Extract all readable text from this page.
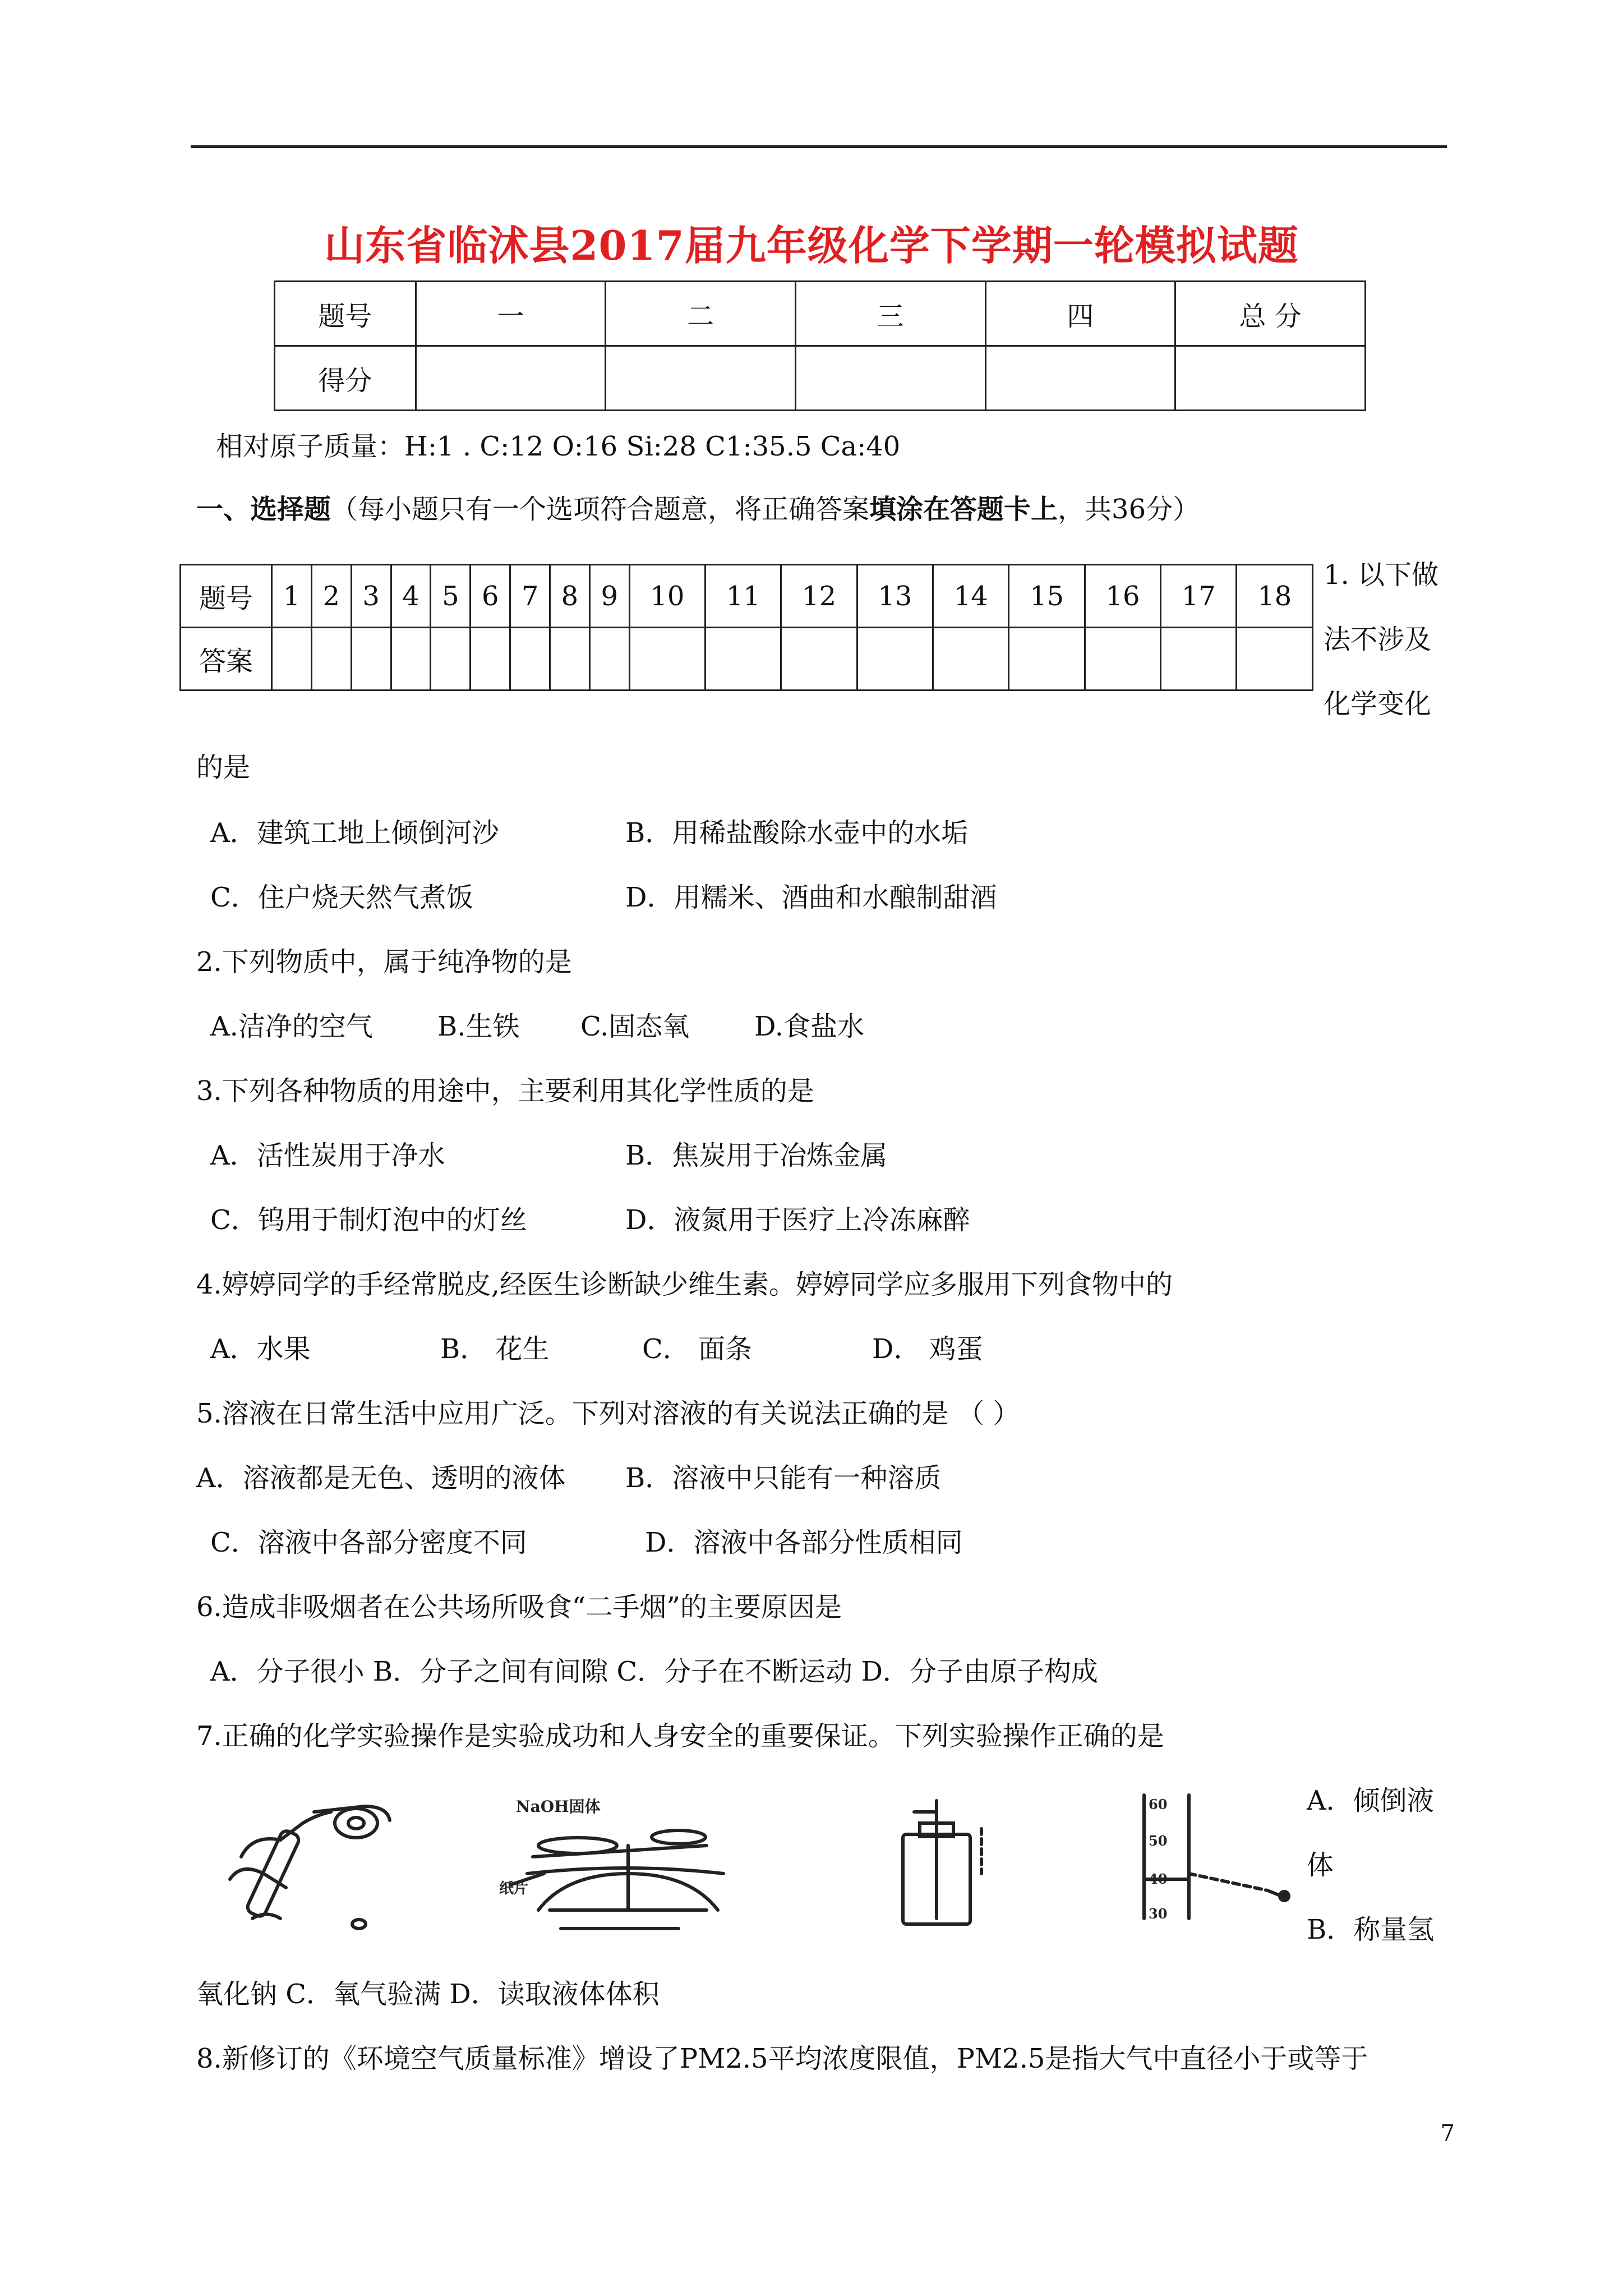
山东省临沭县2017届九年级化学下学期一轮模拟试题
题号	一	二	三	四	总 分
得分					
相对原子质量：H:1 . C:12 O:16 Si:28 C1:35.5 Ca:40
一、选择题（每小题只有一个选项符合题意，将正确答案填涂在答题卡上，共36分）
题号	1	2	3	4	5	6	7	8	9	10	11	12	13	14	15	16	17	18
答案																		
1. 以下做
法不涉及
化学变化
的是
A．建筑工地上倾倒河沙	B．用稀盐酸除水壶中的水垢
C．住户烧天然气煮饭	D．用糯米、酒曲和水酿制甜酒
2.下列物质中，属于纯净物的是
A.洁净的空气 B.生铁 C.固态氧 D.食盐水
3.下列各种物质的用途中，主要利用其化学性质的是
A．活性炭用于净水	B．焦炭用于冶炼金属
C．钨用于制灯泡中的灯丝	D．液氮用于医疗上冷冻麻醉
4.婷婷同学的手经常脱皮,经医生诊断缺少维生素。婷婷同学应多服用下列食物中的
A．水果	B． 花生	C． 面条	D． 鸡蛋
5.溶液在日常生活中应用广泛。下列对溶液的有关说法正确的是 （ ）
A．溶液都是无色、透明的液体 B．溶液中只能有一种溶质
C．溶液中各部分密度不同	D．溶液中各部分性质相同
6.造成非吸烟者在公共场所吸食“二手烟”的主要原因是
A．分子很小 B．分子之间有间隙 C．分子在不断运动 D．分子由原子构成
7.正确的化学实验操作是实验成功和人身安全的重要保证。下列实验操作正确的是
A．倾倒液
体
B．称量氢
氧化钠 C．氧气验满 D．读取液体体积
NaOH固体
纸片
60
50
40
30
8.新修订的《环境空气质量标准》增设了PM2.5平均浓度限值，PM2.5是指大气中直径小于或等于
7
